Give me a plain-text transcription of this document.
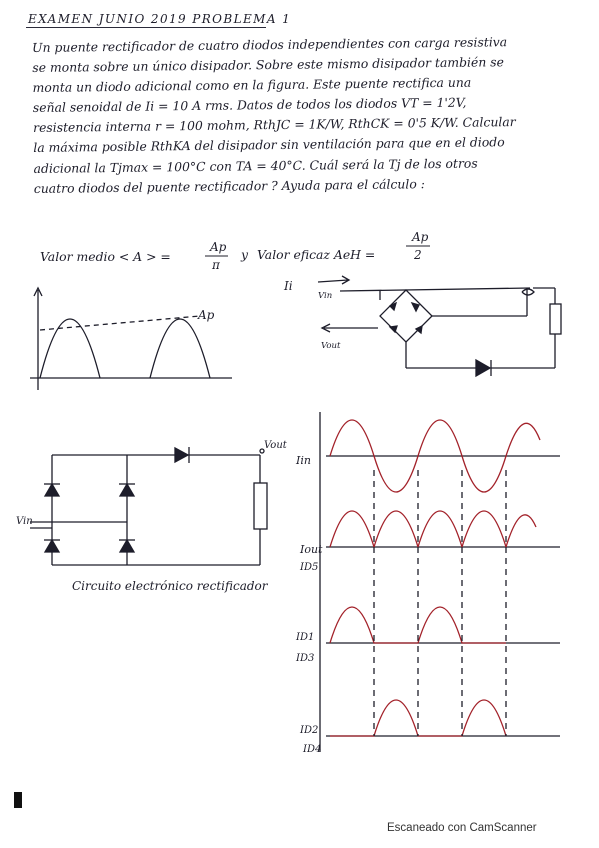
EXAMEN JUNIO 2019 PROBLEMA 1

Un puente rectificador de cuatro diodos independientes con carga resistiva

se monta sobre un único disipador. Sobre este mismo disipador también se

monta un diodo adicional como en la figura. Este puente rectifica una

señal senoidal de Ii = 10 A rms. Datos de todos los diodos VT = 1'2V,

resistencia interna r = 100 mohm, RthJC = 1K/W, RthCK = 0'5 K/W. Calcular

la máxima posible RthKA del disipador sin ventilación para que en el diodo

adicional la Tjmax = 100°C con TA = 40°C. Cuál será la Tj de los otros

cuatro diodos del puente rectificador ? Ayuda para el cálculo :

Valor medio < A > =
Ap
π
y Valor eficaz AeH =
Ap
2
Ap
Ii
Vin
Vout
Vin
Vout
Circuito electrónico rectificador
Iin
Iout
ID5
ID1
ID3
ID2
ID4
Escaneado con CamScanner
